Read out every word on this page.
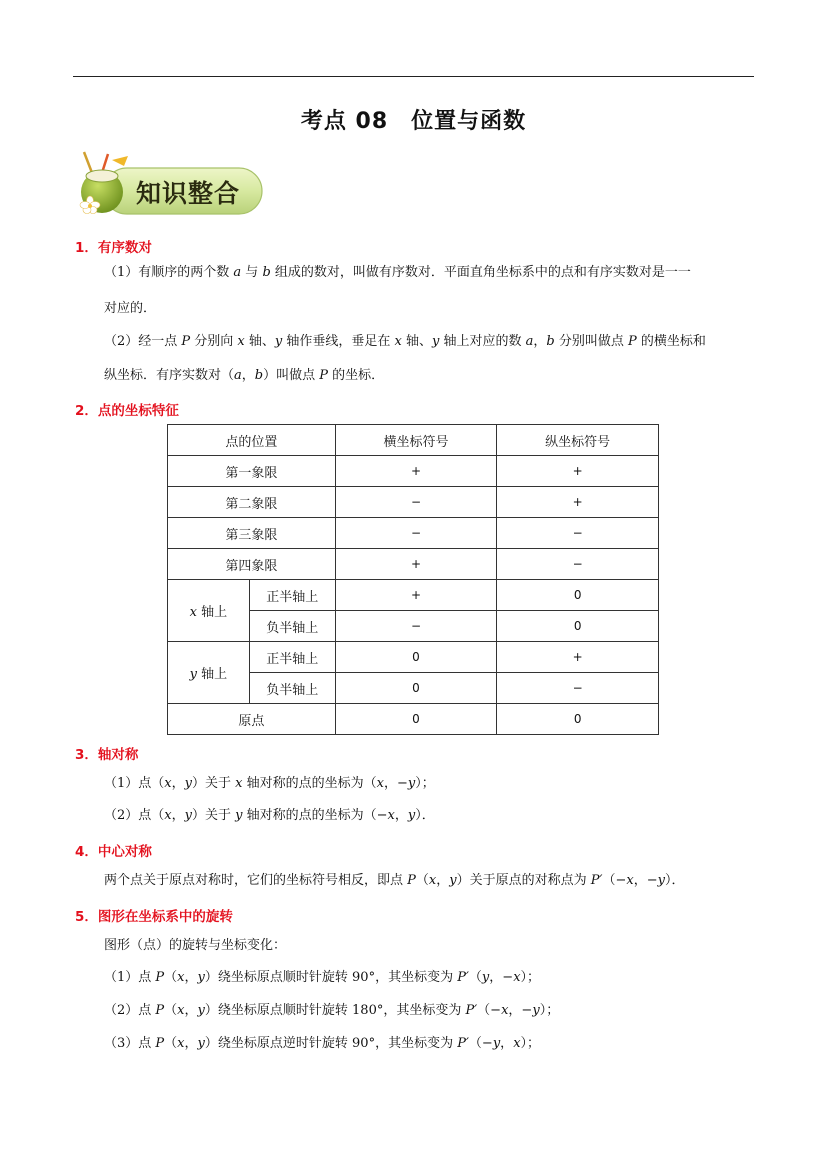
考点 08　位置与函数
知识整合
1．有序数对
（1）有顺序的两个数 a 与 b 组成的数对，叫做有序数对．平面直角坐标系中的点和有序实数对是一一
对应的．
（2）经一点 P 分别向 x 轴、y 轴作垂线，垂足在 x 轴、y 轴上对应的数 a，b 分别叫做点 P 的横坐标和
纵坐标．有序实数对（a，b）叫做点 P 的坐标．
2．点的坐标特征
点的位置		横坐标符号	纵坐标符号
第一象限		+	+
第二象限		−	+
第三象限		−	−
第四象限		+	−
x 轴上	正半轴上	+	0
	负半轴上	−	0
y 轴上	正半轴上	0	+
	负半轴上	0	−
原点		0	0
3．轴对称
（1）点（x，y）关于 x 轴对称的点的坐标为（x，−y）；
（2）点（x，y）关于 y 轴对称的点的坐标为（−x，y）．
4．中心对称
两个点关于原点对称时，它们的坐标符号相反，即点 P（x，y）关于原点的对称点为 P′（−x，−y）．
5．图形在坐标系中的旋转
图形（点）的旋转与坐标变化：
（1）点 P（x，y）绕坐标原点顺时针旋转 90°，其坐标变为 P′（y，−x）；
（2）点 P（x，y）绕坐标原点顺时针旋转 180°，其坐标变为 P′（−x，−y）；
（3）点 P（x，y）绕坐标原点逆时针旋转 90°，其坐标变为 P′（−y，x）；
